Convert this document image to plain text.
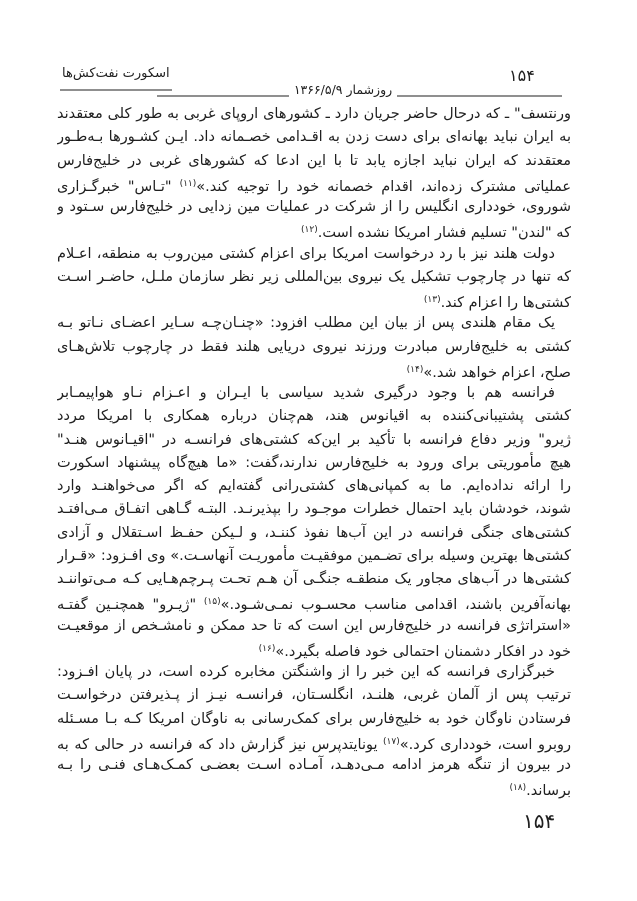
اسکورت نفت‌کش‌ها	۱۵۴
روزشمار ۱۳۶۶/۵/۹
ورنتسف" ـ که درحال حاضر جریان دارد ـ کشورهای اروپای غربی به طور کلی معتقدند
به ایران نباید بهانه‌ای برای دست زدن به اقـدامی خصـمانه داد. ایـن کشـورها بـه‌طـور
معتقدند که ایران نباید اجازه یابد تا با این ادعا که کشورهای غربی در خلیج‌فارس
عملیاتی مشترک زده‌اند، اقدام خصمانه خود را توجیه کند.»$^{(۱۱)}$ "تـاس" خبرگـزاری
شوروی، خودداری انگلیس را از شرکت در عملیات مین زدایی در خلیج‌فارس سـتود و
که "لندن" تسلیم فشار امریکا نشده است.$^{(۱۲)}$
دولت هلند نیز با رد درخواست امریکا برای اعزام کشتی مین‌روب به منطقه، اعـلام
که تنها در چارچوب تشکیل یک نیروی بین‌المللی زیر نظر سازمان ملـل، حاضـر اسـت
کشتی‌ها را اعزام کند.$^{(۱۳)}$
یک مقام هلندی پس از بیان این مطلب افزود: «چنـان‌چـه سـایر اعضـای نـاتو بـه
کشتی به خلیج‌فارس مبادرت ورزند نیروی دریایی هلند فقط در چارچوب تلاش‌هـای
صلح، اعزام خواهد شد.»$^{(۱۴)}$
فرانسه هم با وجود درگیری شدید سیاسی با ایـران و اعـزام نـاو هواپیمـابر
کشتی پشتیبانی‌کننده به اقیانوس هند، هم‌چنان درباره همکاری با امریکا مردد
ژیرو" وزیر دفاع فرانسه با تأکید بر این‌که کشتی‌های فرانسـه در "اقیـانوس هنـد"
هیچ مأموریتی برای ورود به خلیج‌فارس ندارند،گفت: «ما هیچ‌گاه پیشنهاد اسکورت
را ارائه نداده‌ایم. ما به کمپانی‌های کشتی‌رانی گفته‌ایم که اگر می‌خواهنـد وارد
شوند، خودشان باید احتمال خطرات موجـود را بپذیرنـد. البتـه گـاهی اتفـاق مـی‌افتـد
کشتی‌های جنگی فرانسه در این آب‌ها نفوذ کننـد، و لـیکن حفـظ اسـتقلال و آزادی
کشتی‌ها بهترین وسیله برای تضـمین موفقیـت مأموریـت آنهاسـت.» وی افـزود: «قـرار
کشتی‌ها در آب‌های مجاور یک منطقـه جنگـی آن هـم تحـت پـرچم‌هـایی کـه مـی‌تواننـد
بهانه‌آفرین باشند، اقدامی مناسب محسـوب نمـی‌شـود.»$^{(۱۵)}$ "ژیـرو" همچنـین گفتـه
«استراتژی فرانسه در خلیج‌فارس این است که تا حد ممکن و نامشـخص از موقعیـت
خود در افکار دشمنان احتمالی خود فاصله بگیرد.»$^{(۱۶)}$
خبرگزاری فرانسه که این خبر را از واشنگتن مخابره کرده است، در پایان افـزود:
ترتیب پس از آلمان غربی، هلنـد، انگلسـتان، فرانسـه نیـز از پـذیرفتن درخواسـت
فرستادن ناوگان خود به خلیج‌فارس برای کمک‌رسانی به ناوگان امریکا کـه بـا مسـئله
روبرو است، خودداری کرد.»$^{(۱۷)}$ یونایتدپرس نیز گزارش داد که فرانسه در حالی که به
در بیرون از تنگه هرمز ادامه مـی‌دهـد، آمـاده اسـت بعضـی کمـک‌هـای فنـی را بـه
برساند.$^{(۱۸)}$
۱۵۴
